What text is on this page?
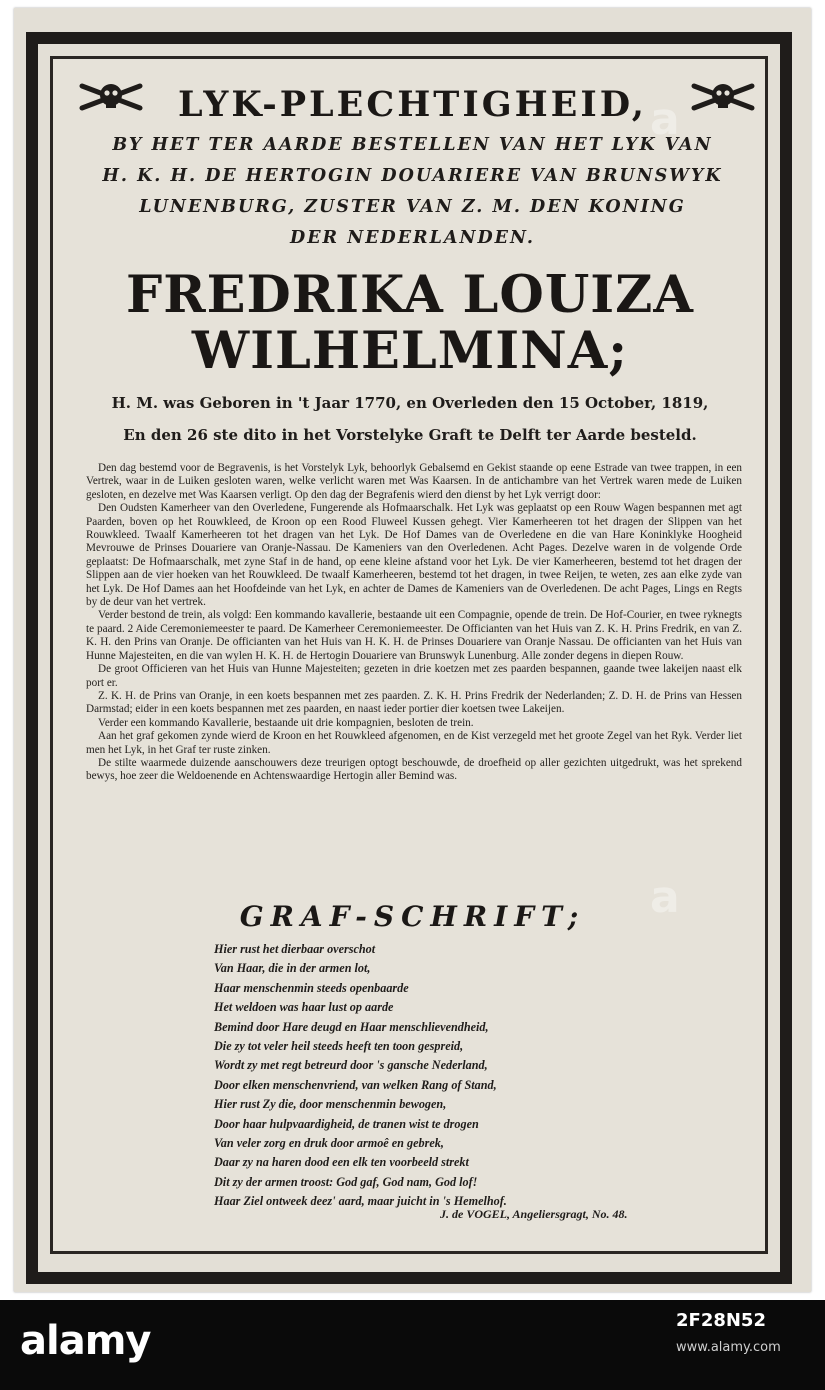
LYK-PLECHTIGHEID,
BY HET TER AARDE BESTELLEN VAN HET LYK VAN
H. K. H. DE HERTOGIN DOUARIERE VAN BRUNSWYK
LUNENBURG, ZUSTER VAN Z. M. DEN KONING
DER NEDERLANDEN.
FREDRIKA LOUIZA
WILHELMINA;
H. M. was Geboren in 't Jaar 1770, en Overleden den 15 October, 1819,
En den 26 ste dito in het Vorstelyke Graft te Delft ter Aarde besteld.

Den dag bestemd voor de Begravenis, is het Vorstelyk Lyk, behoorlyk Gebalsemd en Gekist staande op eene Estrade van twee trappen, in een Vertrek, waar in de Luiken gesloten waren, welke verlicht waren met Was Kaarsen. In de antichambre van het Vertrek waren mede de Luiken gesloten, en dezelve met Was Kaarsen verligt. Op den dag der Begrafenis wierd den dienst by het Lyk verrigt door:

Den Oudsten Kamerheer van den Overledene, Fungerende als Hofmaarschalk. Het Lyk was geplaatst op een Rouw Wagen bespannen met agt Paarden, boven op het Rouwkleed, de Kroon op een Rood Fluweel Kussen gehegt. Vier Kamerheeren tot het dragen der Slippen van het Rouwkleed. Twaalf Kamerheeren tot het dragen van het Lyk. De Hof Dames van de Overledene en die van Hare Koninklyke Hoogheid Mevrouwe de Prinses Douariere van Oranje-Nassau. De Kameniers van den Overledenen. Acht Pages. Dezelve waren in de volgende Orde geplaatst: De Hofmaarschalk, met zyne Staf in de hand, op eene kleine afstand voor het Lyk. De vier Kamerheeren, bestemd tot het dragen der Slippen aan de vier hoeken van het Rouwkleed. De twaalf Kamerheeren, bestemd tot het dragen, in twee Reijen, te weten, zes aan elke zyde van het Lyk. De Hof Dames aan het Hoofdeinde van het Lyk, en achter de Dames de Kameniers van de Overledenen. De acht Pages, Lings en Regts by de deur van het vertrek.

Verder bestond de trein, als volgd: Een kommando kavallerie, bestaande uit een Compagnie, opende de trein. De Hof-Courier, en twee ryknegts te paard. 2 Aide Ceremoniemeester te paard. De Kamerheer Ceremoniemeester. De Officianten van het Huis van Z. K. H. Prins Fredrik, en van Z. K. H. den Prins van Oranje. De officianten van het Huis van H. K. H. de Prinses Douariere van Oranje Nassau. De officianten van het Huis van Hunne Majesteiten, en die van wylen H. K. H. de Hertogin Douariere van Brunswyk Lunenburg. Alle zonder degens in diepen Rouw.

De groot Officieren van het Huis van Hunne Majesteiten; gezeten in drie koetzen met zes paarden bespannen, gaande twee lakeijen naast elk port er.

Z. K. H. de Prins van Oranje, in een koets bespannen met zes paarden. Z. K. H. Prins Fredrik der Nederlanden; Z. D. H. de Prins van Hessen Darmstad; eider in een koets bespannen met zes paarden, en naast ieder portier dier koetsen twee Lakeijen.

Verder een kommando Kavallerie, bestaande uit drie kompagnien, besloten de trein.

Aan het graf gekomen zynde wierd de Kroon en het Rouwkleed afgenomen, en de Kist verzegeld met het groote Zegel van het Ryk. Verder liet men het Lyk, in het Graf ter ruste zinken.

De stilte waarmede duizende aanschouwers deze treurigen optogt beschouwde, de droefheid op aller gezichten uitgedrukt, was het sprekend bewys, hoe zeer die Weldoenende en Achtenswaardige Hertogin aller Bemind was.

GRAF-SCHRIFT;
Hier rust het dierbaar overschot
Van Haar, die in der armen lot,
Haar menschenmin steeds openbaarde
Het weldoen was haar lust op aarde
Bemind door Hare deugd en Haar menschlievendheid,
Die zy tot veler heil steeds heeft ten toon gespreid,
Wordt zy met regt betreurd door 's gansche Nederland,
Door elken menschenvriend, van welken Rang of Stand,
Hier rust Zy die, door menschenmin bewogen,
Door haar hulpvaardigheid, de tranen wist te drogen
Van veler zorg en druk door armoê en gebrek,
Daar zy na haren dood een elk ten voorbeeld strekt
Dit zy der armen troost: God gaf, God nam, God lof!
Haar Ziel ontweek deez' aard, maar juicht in 's Hemelhof.
J. de VOGEL, Angeliersgragt, No. 48.
a
a
alamy	2F28N52
www.alamy.com
